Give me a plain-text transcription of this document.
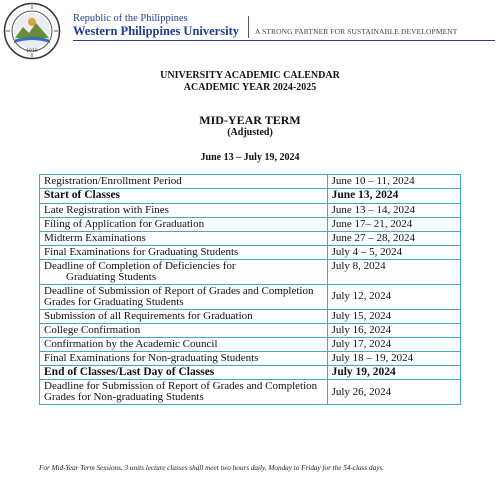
1910
Republic of the Philippines
Western Philippines University A STRONG PARTNER FOR SUSTAINABLE DEVELOPMENT
UNIVERSITY ACADEMIC CALENDAR
ACADEMIC YEAR 2024-2025
MID-YEAR TERM
(Adjusted)
June 13 – July 19, 2024
Registration/Enrollment Period	June 10 – 11, 2024
Start of Classes	June 13, 2024
Late Registration with Fines	June 13 – 14, 2024
Filing of Application for Graduation	June 17– 21, 2024
Midterm Examinations	June 27 – 28, 2024
Final Examinations for Graduating Students	July 4 – 5, 2024
Deadline of Completion of Deficiencies for
Graduating Students	July 8, 2024
Deadline of Submission of Report of Grades and Completion Grades for Graduating Students	July 12, 2024
Submission of all Requirements for Graduation	July 15, 2024
College Confirmation	July 16, 2024
Confirmation by the Academic Council	July 17, 2024
Final Examinations for Non-graduating Students	July 18 – 19, 2024
End of Classes/Last Day of Classes	July 19, 2024
Deadline for Submission of Report of Grades and Completion Grades for Non-graduating Students	July 26, 2024
For Mid-Year Term Sessions, 3 units lecture classes shall meet two hours daily, Monday to Friday for the 54-class days.
